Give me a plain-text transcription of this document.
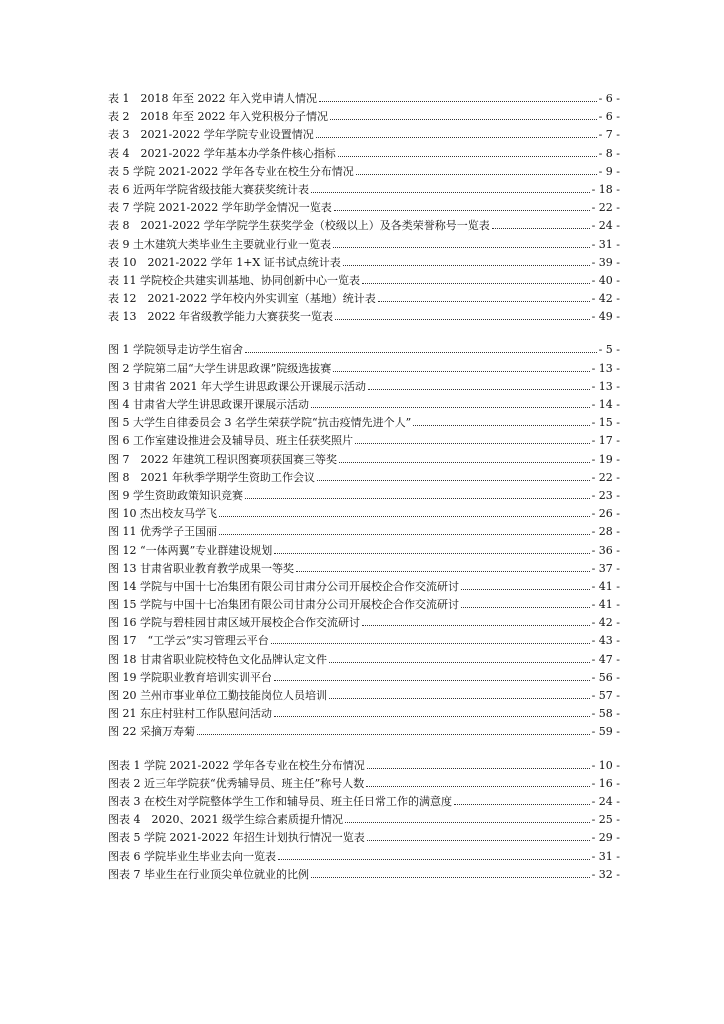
表 1　2018 年至 2022 年入党申请人情况	- 6 -
表 2　2018 年至 2022 年入党积极分子情况	- 6 -
表 3　2021-2022 学年学院专业设置情况	- 7 -
表 4　2021-2022 学年基本办学条件核心指标	- 8 -
表 5 学院 2021-2022 学年各专业在校生分布情况	- 9 -
表 6 近两年学院省级技能大赛获奖统计表	- 18 -
表 7 学院 2021-2022 学年助学金情况一览表	- 22 -
表 8　2021-2022 学年学院学生获奖学金（校级以上）及各类荣誉称号一览表	- 24 -
表 9 土木建筑大类毕业生主要就业行业一览表	- 31 -
表 10　2021-2022 学年 1+X 证书试点统计表	- 39 -
表 11 学院校企共建实训基地、协同创新中心一览表	- 40 -
表 12　2021-2022 学年校内外实训室（基地）统计表	- 42 -
表 13　2022 年省级教学能力大赛获奖一览表	- 49 -
图 1 学院领导走访学生宿舍	- 5 -
图 2 学院第二届“大学生讲思政课”院级选拔赛	- 13 -
图 3 甘肃省 2021 年大学生讲思政课公开课展示活动	- 13 -
图 4 甘肃省大学生讲思政课开课展示活动	- 14 -
图 5 大学生自律委员会 3 名学生荣获学院“抗击疫情先进个人”	- 15 -
图 6 工作室建设推进会及辅导员、班主任获奖照片	- 17 -
图 7　2022 年建筑工程识图赛项获国赛三等奖	- 19 -
图 8　2021 年秋季学期学生资助工作会议	- 22 -
图 9 学生资助政策知识竞赛	- 23 -
图 10 杰出校友马学飞	- 26 -
图 11 优秀学子王国丽	- 28 -
图 12 “一体两翼”专业群建设规划	- 36 -
图 13 甘肃省职业教育教学成果一等奖	- 37 -
图 14 学院与中国十七冶集团有限公司甘肃分公司开展校企合作交流研讨	- 41 -
图 15 学院与中国十七冶集团有限公司甘肃分公司开展校企合作交流研讨	- 41 -
图 16 学院与碧桂园甘肃区域开展校企合作交流研讨	- 42 -
图 17　“工学云”实习管理云平台	- 43 -
图 18 甘肃省职业院校特色文化品牌认定文件	- 47 -
图 19 学院职业教育培训实训平台	- 56 -
图 20 兰州市事业单位工勤技能岗位人员培训	- 57 -
图 21 东庄村驻村工作队慰问活动	- 58 -
图 22 采摘万寿菊	- 59 -
图表 1 学院 2021-2022 学年各专业在校生分布情况	- 10 -
图表 2 近三年学院获“优秀辅导员、班主任”称号人数	- 16 -
图表 3 在校生对学院整体学生工作和辅导员、班主任日常工作的满意度	- 24 -
图表 4　2020、2021 级学生综合素质提升情况	- 25 -
图表 5 学院 2021-2022 年招生计划执行情况一览表	- 29 -
图表 6 学院毕业生毕业去向一览表	- 31 -
图表 7 毕业生在行业顶尖单位就业的比例	- 32 -
